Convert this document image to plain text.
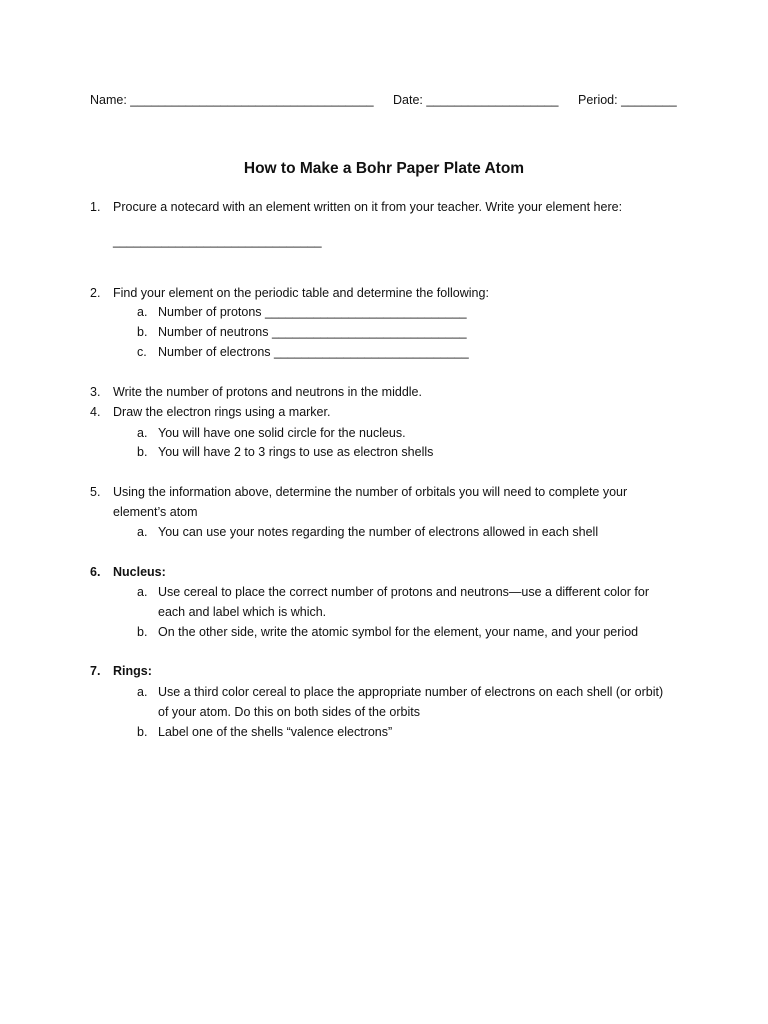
Name: ___________________________________ Date: ___________________ Period: ________
How to Make a Bohr Paper Plate Atom
1. Procure a notecard with an element written on it from your teacher. Write your element here:
______________________________
2. Find your element on the periodic table and determine the following:
a. Number of protons _____________________________
b. Number of neutrons ____________________________
c. Number of electrons ____________________________
3. Write the number of protons and neutrons in the middle.
4. Draw the electron rings using a marker.
a. You will have one solid circle for the nucleus.
b. You will have 2 to 3 rings to use as electron shells
5. Using the information above, determine the number of orbitals you will need to complete your
element’s atom
a. You can use your notes regarding the number of electrons allowed in each shell
6. Nucleus:
a. Use cereal to place the correct number of protons and neutrons—use a different color for
each and label which is which.
b. On the other side, write the atomic symbol for the element, your name, and your period
7. Rings:
a. Use a third color cereal to place the appropriate number of electrons on each shell (or orbit)
of your atom. Do this on both sides of the orbits
b. Label one of the shells “valence electrons”
